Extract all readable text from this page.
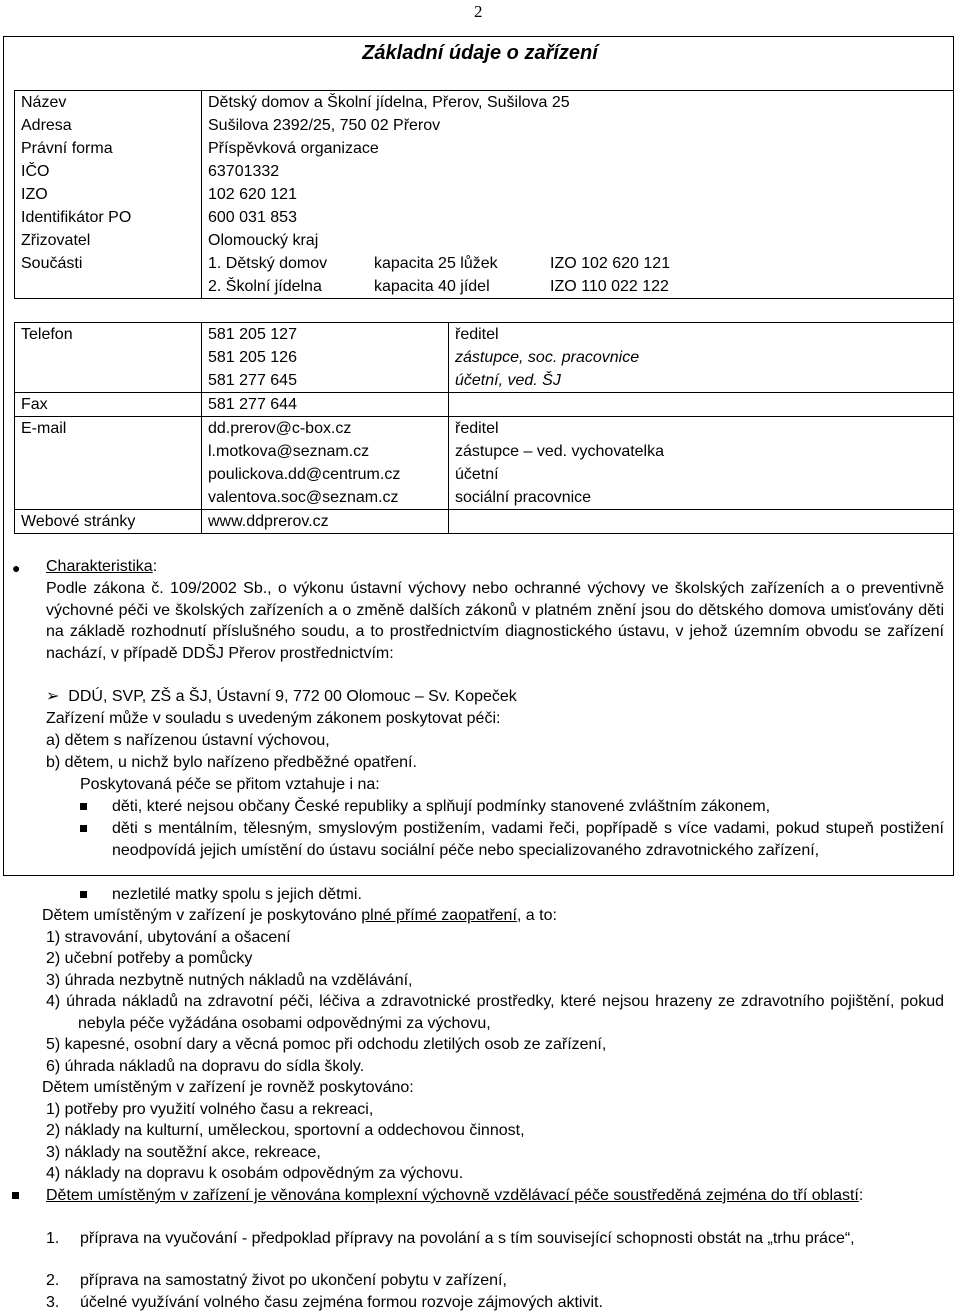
2
Základní údaje o zařízení
Název	Dětský domov a Školní jídelna, Přerov, Sušilova 25		
Adresa	Sušilova 2392/25, 750 02 Přerov		
Právní forma	Příspěvková organizace		
IČO	63701332		
IZO	102 620 121		
Identifikátor PO	600 031 853		
Zřizovatel	Olomoucký kraj		
Součásti	1. Dětský domov	kapacita 25 lůžek	IZO 102 620 121
	2. Školní jídelna	kapacita 40 jídel	IZO 110 022 122
Telefon	581 205 127	ředitel
	581 205 126	zástupce, soc. pracovnice
	581 277 645	účetní, ved. ŠJ
Fax	581 277 644	
E-mail	dd.prerov@c-box.cz	ředitel
	l.motkova@seznam.cz	zástupce – ved. vychovatelka
	poulickova.dd@centrum.cz	účetní
	valentova.soc@seznam.cz	sociální pracovnice
Webové stránky	www.ddprerov.cz	
● Charakteristika:
Podle zákona č. 109/2002 Sb., o výkonu ústavní výchovy nebo ochranné výchovy ve školských zařízeních a o preventivně výchovné péči ve školských zařízeních a o změně dalších zákonů v platném znění jsou do dětského domova umisťovány děti na základě rozhodnutí příslušného soudu, a to prostřednictvím diagnostického ústavu, v jehož územním obvodu se zařízení nachází, v případě DDŠJ Přerov prostřednictvím:
➢  DDÚ, SVP, ZŠ a ŠJ, Ústavní 9, 772 00 Olomouc – Sv. Kopeček
Zařízení může v souladu s uvedeným zákonem poskytovat péči:
a) dětem s nařízenou ústavní výchovou,
b) dětem, u nichž bylo nařízeno předběžné opatření.
Poskytovaná péče se přitom vztahuje i na:
děti, které nejsou občany České republiky a splňují podmínky stanovené zvláštním zákonem,
děti s mentálním, tělesným, smyslovým postižením, vadami řeči, popřípadě s více vadami, pokud stupeň postižení neodpovídá jejich umístění do ústavu sociální péče nebo specializovaného zdravotnického zařízení,
nezletilé matky spolu s jejich dětmi.
Dětem umístěným v zařízení je poskytováno plné přímé zaopatření, a to:
1) stravování, ubytování a ošacení
2) učební potřeby a pomůcky
3) úhrada nezbytně nutných nákladů na vzdělávání,
4) úhrada nákladů na zdravotní péči, léčiva a zdravotnické prostředky, které nejsou hrazeny ze zdravotního pojištění, pokud nebyla péče vyžádána osobami odpovědnými za výchovu,
5) kapesné, osobní dary a věcná pomoc při odchodu zletilých osob ze zařízení,
6) úhrada nákladů na dopravu do sídla školy.
Dětem umístěným v zařízení je rovněž poskytováno:
1) potřeby pro využití volného času a rekreaci,
2) náklady na kulturní, uměleckou, sportovní a oddechovou činnost,
3) náklady na soutěžní akce, rekreace,
4) náklady na dopravu k osobám odpovědným za výchovu.
Dětem umístěným v zařízení je věnována komplexní výchovně vzdělávací péče soustředěná zejména do tří oblastí:
1.	přípravа na vyučování - předpoklad přípravy na povolání a s tím související schopnosti obstát na „trhu práce“,
2.	příprava na samostatný život po ukončení pobytu v zařízení,
3.	účelné využívání volného času zejména formou rozvoje zájmových aktivit.
